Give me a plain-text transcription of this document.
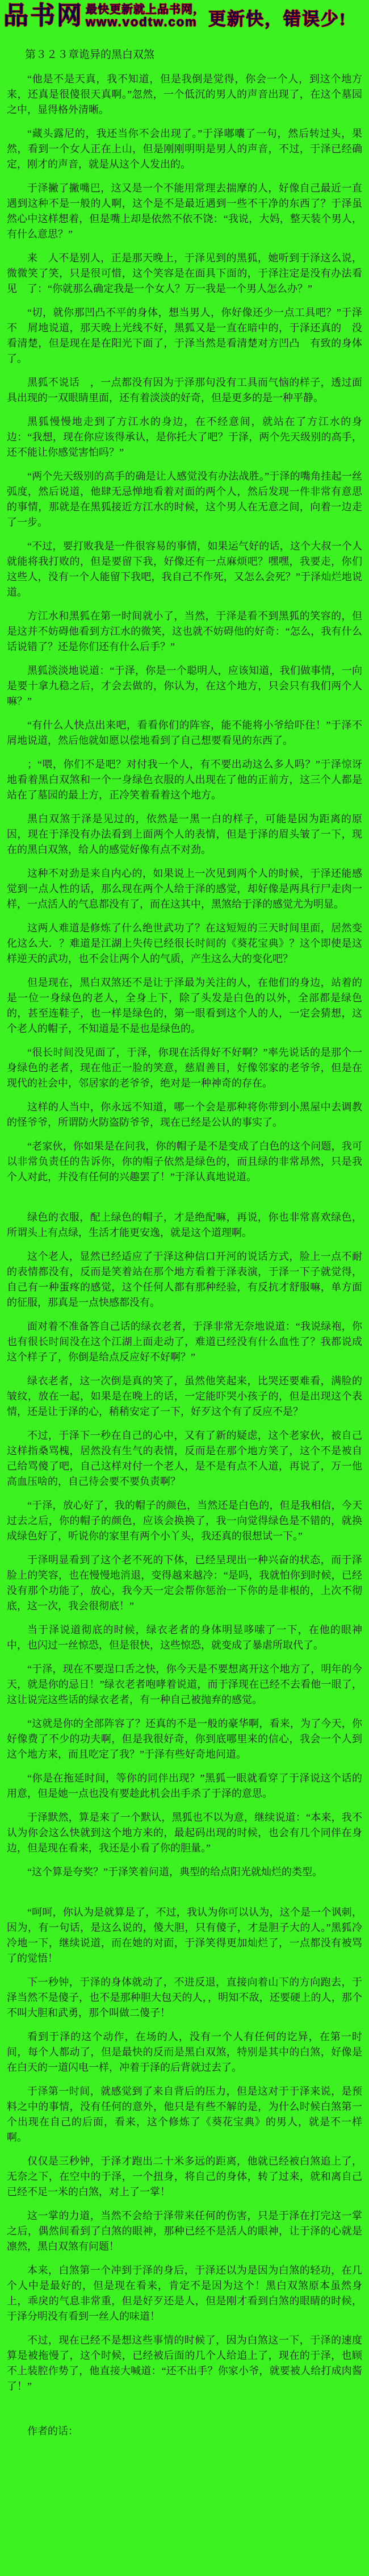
品书网 最快更新就上品书网，
www.vodtw.com 更新快，错误少!
第３２３章诡异的黑白双煞

“他是不是天真，我不知道，但是我倒是觉得，你会一个人，到这个地方来，还真是很傻很天真啊。”忽然，一个低沉的男人的声音出现了，在这个墓园之中，显得格外清晰。

“藏头露尼的，我还当你不会出现了。”于泽嘟囔了一句，然后转过头，果然，看到一个女人正在上山，但是刚刚明明是男人的声音，不过，于泽已经确定，刚才的声音，就是从这个人发出的。

于泽撇了撇嘴巴，这又是一个不能用常理去揣摩的人，好像自己最近一直遇到这种不是一般的人啊，这个是不是最近遇到一些不干净的东西了？于泽虽然心中这样想着，但是嘴上却是依然不依不饶：“我说，大妈，整天装个男人，有什么意思？”

来　人不是别人，正是那天晚上，于泽见到的黑狐，她听到于泽这么说，微微笑了笑，只是很可惜，这个笑容是在面具下面的，于泽注定是没有办法看见　了：“你就那么确定我是一个女人？万一我是一个男人怎么办？”

“切，就你那凹凸不平的身体，想当男人，你好像还少一点工具吧？”于泽不　屑地说道，那天晚上光线不好，黑狐又是一直在暗中的，于泽还真的　没看清楚，但是现在是在阳光下面了，于泽当然是看清楚对方凹凸　有致的身体了。

黑狐不说话　，一点都没有因为于泽那句没有工具而气恼的样子，透过面具出现的一双眼睛里面，还有着淡淡的好奇，但是更多的是一种平静。

黑狐慢慢地走到了方江水的身边，在不经意间，就站在了方江水的身边：“我想，现在你应该得承认，是你托大了吧？于泽，两个先天级别的高手，还不能让你感觉害怕吗？”

“两个先天级别的高手的确是让人感觉没有办法战胜。”于泽的嘴角挂起一丝弧度，然后说道，他肆无忌惮地看着对面的两个人，然后发现一件非常有意思的事情，那就是在黑狐接近方江水的时候，这个男人在无意之间，向着一边走了一步。

“不过，要打败我是一件很容易的事情，如果运气好的话，这个大叔一个人就能将我打败的，但是要留下我，好像还有一点麻烦吧？嘿嘿，我要走，你们这些人，没有一个人能留下我吧，我自己不作死，又怎么会死？”于泽灿烂地说道。

方江水和黑狐在第一时间就小了，当然，于泽是看不到黑狐的笑容的，但是这并不妨碍他看到方江水的微笑，这也就不妨碍他的好奇：“怎么，我有什么话说错了？还是你们还有什么后手？”

黑狐淡淡地说道：“于泽，你是一个聪明人，应该知道，我们做事情，一向是要十拿九稳之后，才会去做的，你认为，在这个地方，只会只有我们两个人嘛？”

“有什么人快点出来吧，看看你们的阵容，能不能将小爷给吓住！”于泽不屑地说道，然后他就如愿以偿地看到了自己想要看见的东西了。

；“喂，你们不是吧？对付我一个人，有不要出动这么多人吗？”于泽惊讶地看着黑白双煞和一个一身绿色衣服的人出现在了他的正前方，这三个人都是站在了墓园的最上方，正冷笑着看着这个地方。

黑白双煞于泽是见过的，依然是一黑一白的样子，可能是因为距离的原因，现在于泽没有办法看到上面两个人的表情，但是于泽的眉头皱了一下，现在的黑白双煞，给人的感觉好像有点不对劲。

这种不对劲是来自内心的，如果说上一次见到两个人的时候，于泽还能感觉到一点人性的话，那么现在两个人给于泽的感觉，却好像是两具行尸走肉一样，一点活人的气息都没有了，而在这其中，黑煞给于泽的感觉尤为明显。

这两人难道是修炼了什么绝世武功了？在这短短的三天时间里面，居然变化这么大．？难道是江湖上失传已经很长时间的《葵花宝典》？这个即使是这样逆天的武功，也不会让两个人的气质，产生这么大的变化吧？

但是现在，黑白双煞还不是让于泽最为关注的人，在他们的身边，站着的是一位一身绿色的老人，全身上下，除了头发是白色的以外，全部都是绿色的，甚至连鞋子，也一样是绿色的，第一眼看到这个人的人，一定会猜想，这个老人的帽子，不知道是不是也是绿色的。

“很长时间没见面了，于泽，你现在活得好不好啊？”率先说话的是那个一身绿色的老者，现在他正一脸的笑意，慈眉善目，好像邻家的老爷爷，但是在现代的社会中，邻居家的老爷爷，绝对是一种神奇的存在。

这样的人当中，你永远不知道，哪一个会是那种将你带到小黑屋中去调教的怪爷爷，所谓防火防盗防爷爷，现在已经是公认的事实了。

“老家伙，你如果是在问我，你的帽子是不是变成了白色的这个问题，我可以非常负责任的告诉你，你的帽子依然是绿色的，而且绿的非常昂然，只是我个人对此，并没有任何的兴趣罢了！”于泽认真地说道。

绿色的衣服，配上绿色的帽子，才是绝配嘛，再说，你也非常喜欢绿色，所谓头上有点绿，生活才能更安逸，就是这个道理啊。

这个老人，显然已经适应了于泽这种信口开河的说话方式，脸上一点不耐的表情都没有，反而是笑着站在那个地方看着于泽表演，于泽一下子就觉得，自己有一种蛋疼的感觉，这个任何人都有那种经验，有反抗才舒服嘛，单方面的征服，那真是一点快感都没有。

面对着不准备答自己话的绿衣老者，于泽非常无奈地说道：“我说绿袍，你也有很长时间没在这个江湖上面走动了，难道已经没有什么血性了？我都说成这个样子了，你倒是给点反应好不好啊？”

绿衣老者，这一次倒是真的笑了，虽然他笑起来，比哭还要难看，满脸的皱纹，放在一起，如果是在晚上的话，一定能吓哭小孩子的，但是出现这个表情，还是让于泽的心，稍稍安定了一下，好歹这个有了反应不是？

不过，于泽下一秒在自己的心中，又有了新的疑虑，这个老家伙，被自己这样指桑骂槐，居然没有生气的表情，反而是在那个地方笑了，这个不是被自己给骂傻了吧，自己这样对付一个老人，是不是有点不人道，再说了，万一他高血压啥的，自己待会要不要负责啊？

“于泽，放心好了，我的帽子的颜色，当然还是白色的，但是我相信，今天过去之后，你的帽子的颜色，应该会换换了，我一向觉得绿色是不错的，就换成绿色好了，听说你的家里有两个小丫头，我还真的很想试一下。”

于泽明显看到了这个老不死的下体，已经呈现出一种兴奋的状态，而于泽脸上的笑容，也在慢慢地消退，变得越来越冷：“是吗，我就怕你到时候，已经没有那个功能了，放心，我今天一定会帮你惩治一下你的是非根的，上次不彻底，这一次，我会很彻底！”

当于泽说道彻底的时候，绿衣老者的身体明显哆嗦了一下，在他的眼神中，也闪过一丝惊恐，但是很快，这些惊恐，就变成了暴虐所取代了。

“于泽，现在不要逞口舌之快，你今天是不要想离开这个地方了，明年的今天，就是你的忌日！”绿衣老者咆哮着说道，而于泽现在已经不去看他一眼了，这让说完这些话的绿衣老者，有一种自己被抛弃的感觉。

“这就是你的全部阵容了？还真的不是一般的豪华啊，看来，为了今天，你好像费了不少的功夫啊，但是我很好奇，你到底哪里来的信心，我会一个人到这个地方来，而且吃定了我？”于泽有些好奇地问道。

“你是在拖延时间，等你的同伴出现？”黑狐一眼就看穿了于泽说这个话的用意，但是她一点也没有要趁此机会出手杀了于泽的意思。

于泽默然，算是来了一个默认，黑狐也不以为意，继续说道：“本来，我不认为你会这么快就到这个地方来的，最起码出现的时候，也会有几个同伴在身边，但是现在看来，我还是小看了你的胆量。”

“这个算是夸奖？”于泽笑着问道，典型的给点阳光就灿烂的类型。

“呵呵，你认为是就算是了，不过，我认为你可以认为，这个是一个讽刺，因为，有一句话，是这么说的，傻大胆，只有傻子，才是胆子大的人。”黑狐冷冷地一下，继续说道，而在她的对面，于泽笑得更加灿烂了，一点都没有被骂了的觉悟！

下一秒钟，于泽的身体就动了，不进反退，直接向着山下的方向跑去，于泽当然不是傻子，也不是那种胆大包天的人，，明知不敌，还要硬上的人，那个不叫大胆和武勇，那个叫做二傻子！

看到于泽的这个动作，在场的人，没有一个人有任何的讫异，在第一时间，每个人都动了，但是最快的反而是黑白双煞，特别是其中的白煞，好像是在白天的一道闪电一样，冲着于泽的后背就过去了。

于泽第一时间，就感觉到了来自背后的压力，但是这对于于泽来说，是预料之中的事情，没有任何的意外，他只是有些不解的是，为什么时候白煞第一个出现在自己的后面，看来，这个修炼了《葵花宝典》的男人，就是不一样啊。

仅仅是三秒钟，于泽才跑出二十米多远的距离，他就已经被白煞追上了，无奈之下，在空中的于泽，一个扭身，将自己的身体，转了过来，就和离自己已经不足一米的白煞，对上了一掌！

这一掌的力道，当然不会给于泽带来任何的伤害，只是于泽在打完这一掌之后，偶然间看到了白煞的眼神，那种已经不是活人的眼神，让于泽的心就是凛然，黑白双煞有问题！

本来，白煞第一个冲到于泽的身后，于泽还以为是因为白煞的轻功，在几个人中是最好的，但是现在看来，肯定不是因为这个！黑白双煞原本虽然身上，乖戾的气息非常重，但是好歹还是人，但是刚才看到白煞的眼睛的时候，于泽分明没有看到一丝人的味道！

不过，现在已经不是想这些事情的时候了，因为白煞这一下，于泽的速度算是被拖慢了，这个时候，已经被后面的几个人给追上了，现在的于泽，也顾不上装腔作势了，他直接大喊道：“还不出手？你家小爷，就要被人给打成肉酱了！”

作者的话：
